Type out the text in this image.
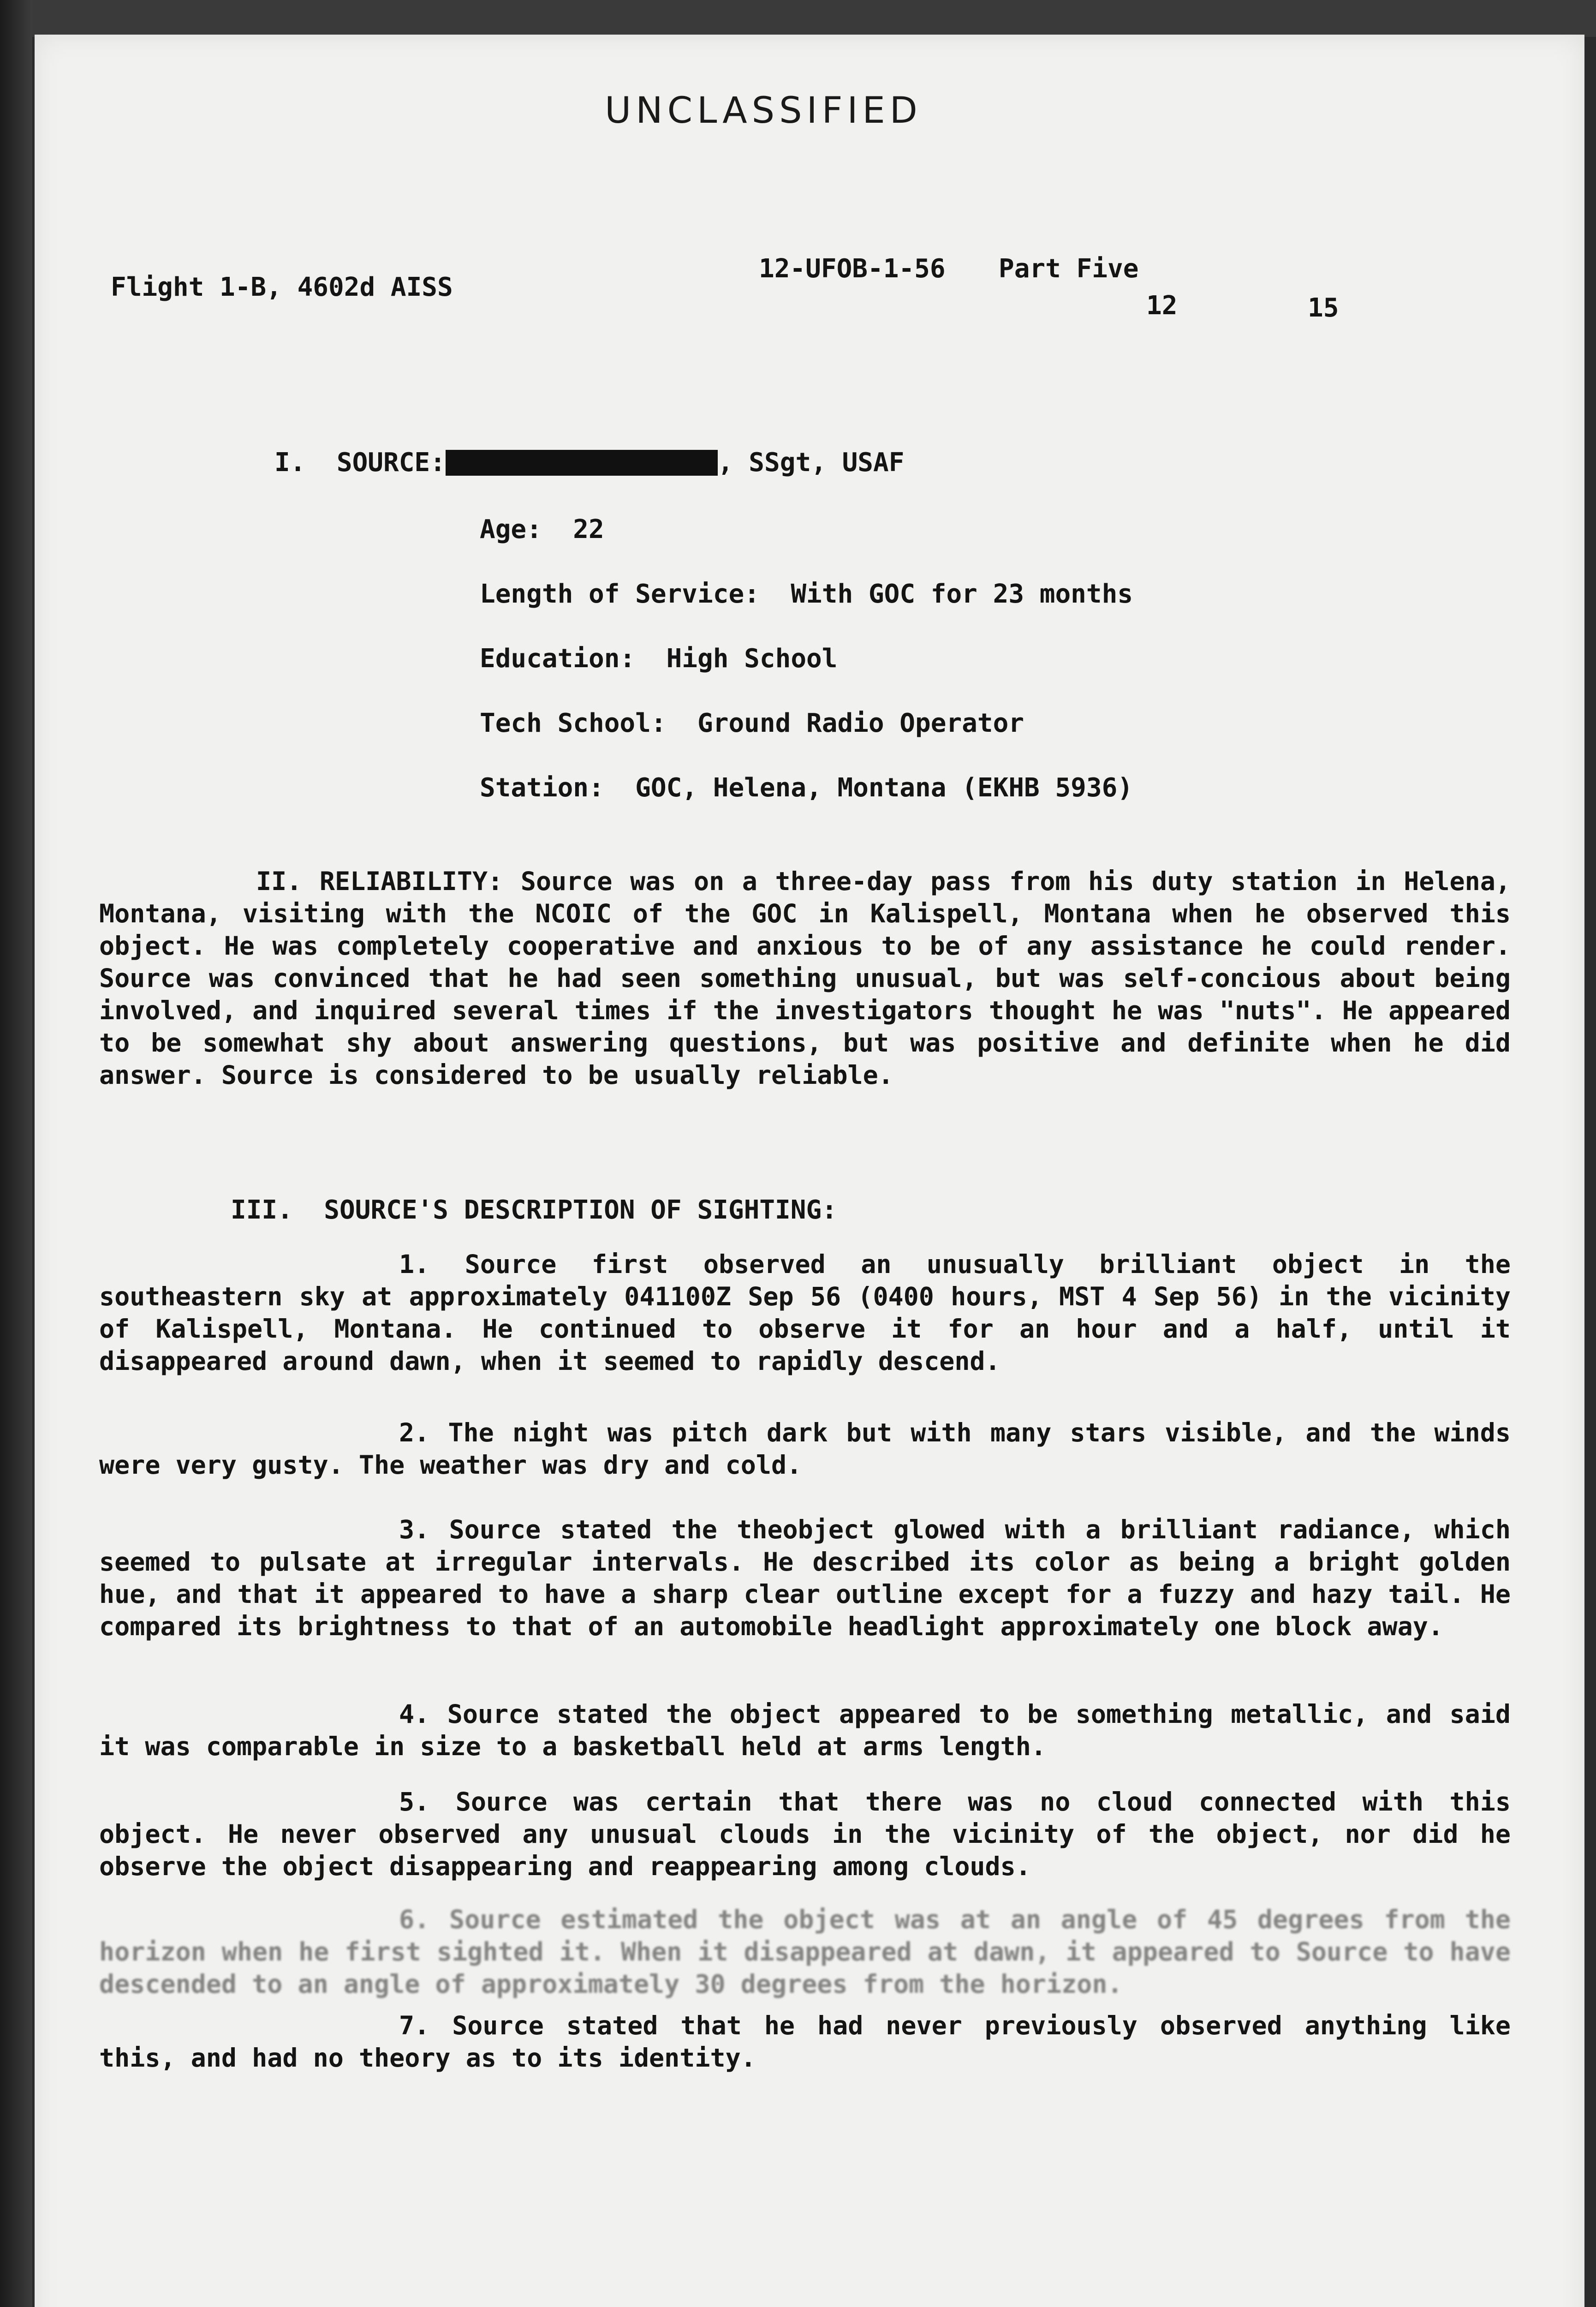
UNCLASSIFIED
Flight 1-B, 4602d AISS
12-UFOB-1-56 Part Five
12	15
I.  SOURCE:	, SSgt, USAF
Age: 22
Length of Service: With GOC for 23 months
Education: High School
Tech School: Ground Radio Operator
Station: GOC, Helena, Montana (EKHB 5936)
II. RELIABILITY: Source was on a three-day pass from his duty station in Helena, Montana, visiting with the NCOIC of the GOC in Kalispell, Montana when he observed this object. He was completely cooperative and anxious to be of any assistance he could render. Source was convinced that he had seen something unusual, but was self-concious about being involved, and inquired several times if the investigators thought he was "nuts". He appeared to be somewhat shy about answering questions, but was positive and definite when he did answer. Source is considered to be usually reliable.
III.  SOURCE'S DESCRIPTION OF SIGHTING:
1. Source first observed an unusually brilliant object in the southeastern sky at approximately 041100Z Sep 56 (0400 hours, MST 4 Sep 56) in the vicinity of Kalispell, Montana. He continued to observe it for an hour and a half, until it disappeared around dawn, when it seemed to rapidly descend.
2. The night was pitch dark but with many stars visible, and the winds were very gusty. The weather was dry and cold.
3. Source stated the theobject glowed with a brilliant radiance, which seemed to pulsate at irregular intervals. He described its color as being a bright golden hue, and that it appeared to have a sharp clear outline except for a fuzzy and hazy tail. He compared its brightness to that of an automobile headlight approximately one block away.
4. Source stated the object appeared to be something metallic, and said it was comparable in size to a basketball held at arms length.
5. Source was certain that there was no cloud connected with this object. He never observed any unusual clouds in the vicinity of the object, nor did he observe the object disappearing and reappearing among clouds.
6. Source estimated the object was at an angle of 45 degrees from the horizon when he first sighted it. When it disappeared at dawn, it appeared to Source to have descended to an angle of approximately 30 degrees from the horizon.
7. Source stated that he had never previously observed anything like this, and had no theory as to its identity.
